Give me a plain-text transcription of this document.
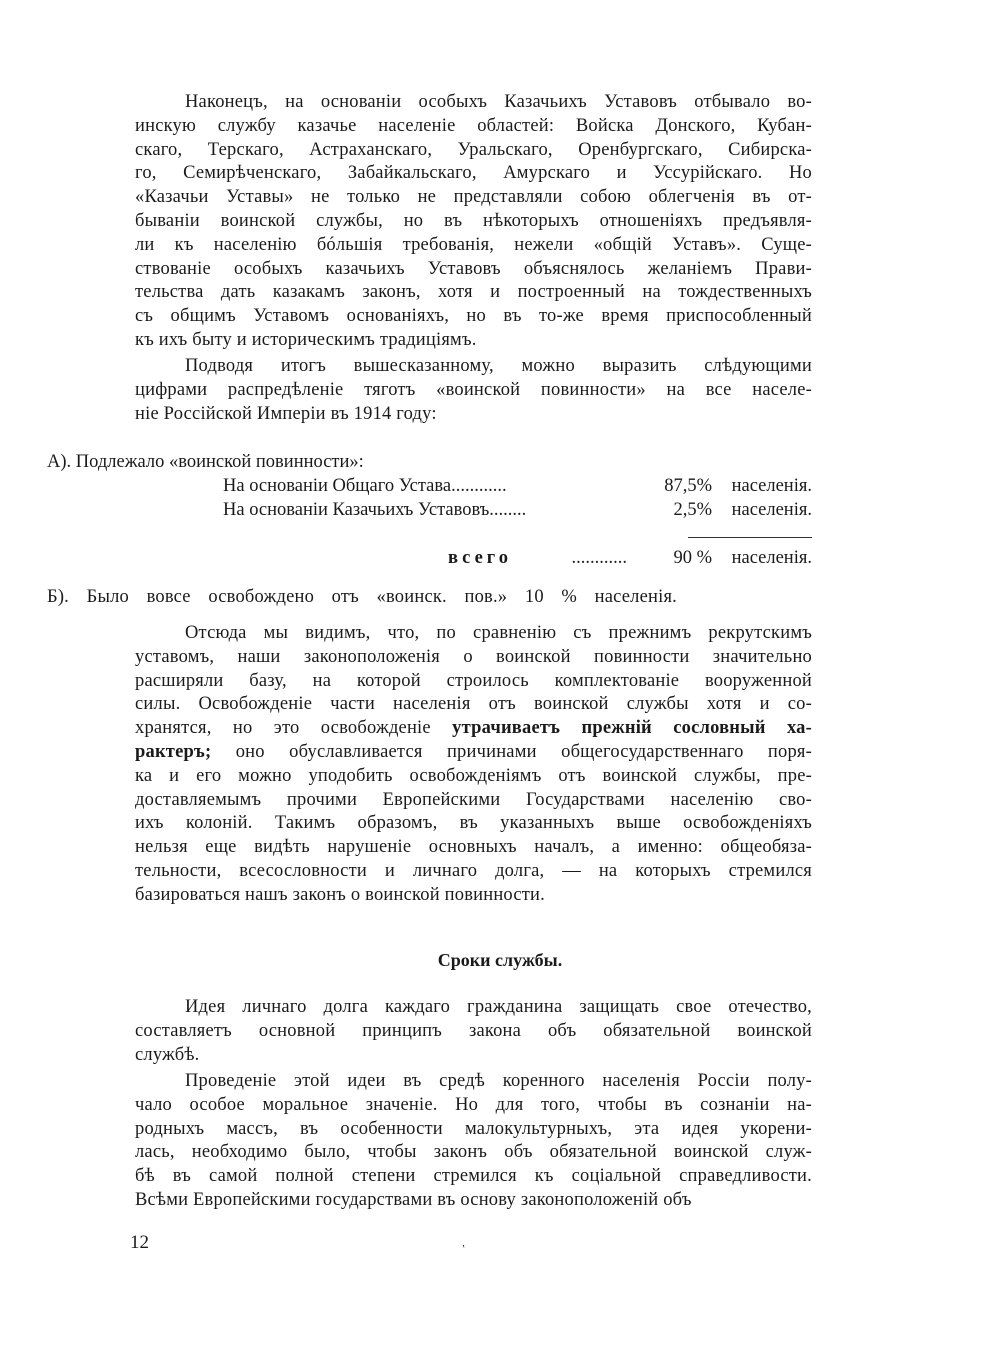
Наконецъ, на основаніи особыхъ Казачьихъ Уставовъ отбывало во-
инскую службу казачье населеніе областей: Войска Донского, Кубан-
скаго, Терскаго, Астраханскаго, Уральскаго, Оренбургскаго, Сибирска-
го, Семирѣченскаго, Забайкальскаго, Амурскаго и Уссурійскаго. Но
«Казачьи Уставы» не только не представляли собою облегченія въ от-
бываніи воинской службы, но въ нѣкоторыхъ отношеніяхъ предъявля-
ли къ населенію бóльшія требованія, нежели «общій Уставъ». Суще-
ствованіе особыхъ казачьихъ Уставовъ объяснялось желаніемъ Прави-
тельства дать казакамъ законъ, хотя и построенный на тождественныхъ
съ общимъ Уставомъ основаніяхъ, но въ то-же время приспособленный
къ ихъ быту и историческимъ традиціямъ.
Подводя итогъ вышесказанному, можно выразить слѣдующими
цифрами распредѣленіе тяготъ «воинской повинности» на все населе-
ніе Россійской Имперіи въ 1914 году:
А). Подлежало «воинской повинности»:
На основаніи Общаго Устава............	87,5% населенія.
На основаніи Казачьихъ Уставовъ........	2,5% населенія.
всего	............	90 % населенія.
Б). Было вовсе освобождено отъ «воинск. пов.» 10 % населенія.
Отсюда мы видимъ, что, по сравненію съ прежнимъ рекрутскимъ
уставомъ, наши законоположенія о воинской повинности значительно
расширяли базу, на которой строилось комплектованіе вооруженной
силы. Освобожденіе части населенія отъ воинской службы хотя и со-
хранятся, но это освобожденіе утрачиваетъ прежній сословный ха-
рактеръ; оно обуславливается причинами общегосударственнаго поря-
ка и его можно уподобить освобожденіямъ отъ воинской службы, пре-
доставляемымъ прочими Европейскими Государствами населенію сво-
ихъ колоній. Такимъ образомъ, въ указанныхъ выше освобожденіяхъ
нельзя еще видѣть нарушеніе основныхъ началъ, а именно: общеобяза-
тельности, всесословности и личнаго долга, — на которыхъ стремился
базироваться нашъ законъ о воинской повинности.
Сроки службы.
Идея личнаго долга каждаго гражданина защищать свое отечество,
составляетъ основной принципъ закона объ обязательной воинской
службѣ.
Проведеніе этой идеи въ средѣ коренного населенія Россіи полу-
чало особое моральное значеніе. Но для того, чтобы въ сознаніи на-
родныхъ массъ, въ особенности малокультурныхъ, эта идея укорени-
лась, необходимо было, чтобы законъ объ обязательной воинской служ-
бѣ въ самой полной степени стремился къ соціальной справедливости.
Всѣми Европейскими государствами въ основу законоположеній объ
12	‛
